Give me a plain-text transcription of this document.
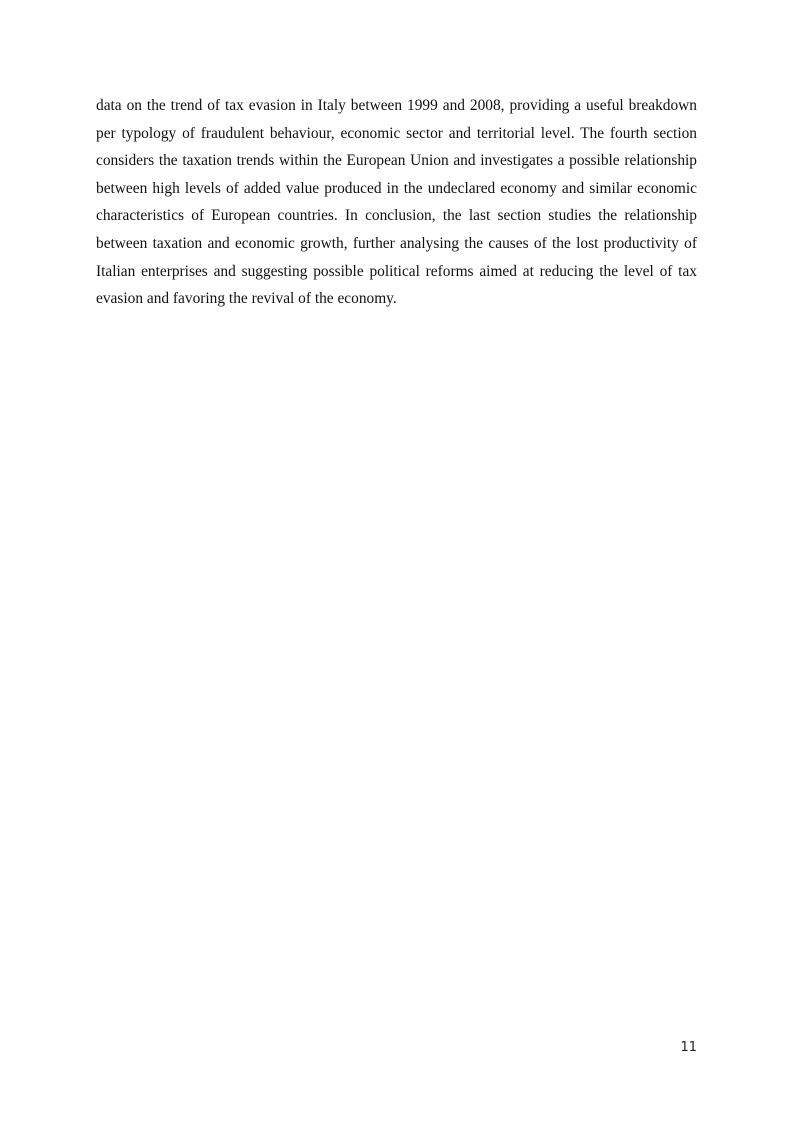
data on the trend of tax evasion in Italy between 1999 and 2008, providing a useful breakdown per typology of fraudulent behaviour, economic sector and territorial level. The fourth section considers the taxation trends within the European Union and investigates a possible relationship between high levels of added value produced in the undeclared economy and similar economic characteristics of European countries. In conclusion, the last section studies the relationship between taxation and economic growth, further analysing the causes of the lost productivity of Italian enterprises and suggesting possible political reforms aimed at reducing the level of tax evasion and favoring the revival of the economy.

11
